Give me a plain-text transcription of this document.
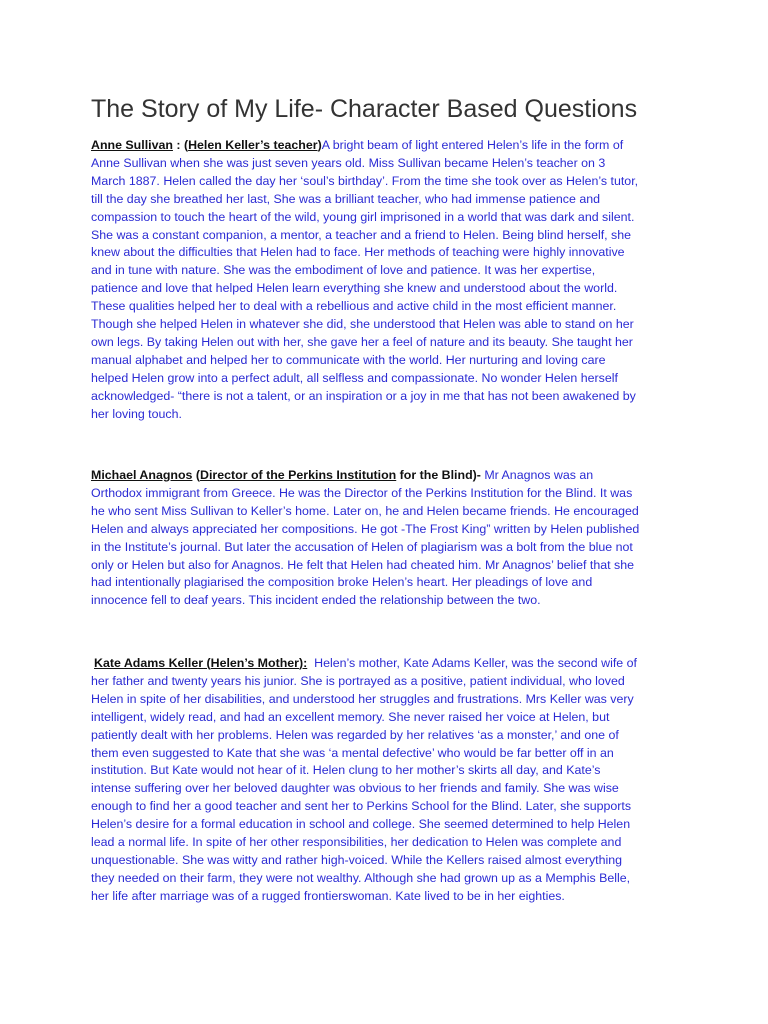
The Story of My Life- Character Based Questions
Anne Sullivan : (Helen Keller’s teacher)A bright beam of light entered Helen’s life in the form of
Anne Sullivan when she was just seven years old. Miss Sullivan became Helen’s teacher on 3
March 1887. Helen called the day her ‘soul’s birthday’. From the time she took over as Helen’s tutor,
till the day she breathed her last, She was a brilliant teacher, who had immense patience and
compassion to touch the heart of the wild, young girl imprisoned in a world that was dark and silent.
She was a constant companion, a mentor, a teacher and a friend to Helen. Being blind herself, she
knew about the difficulties that Helen had to face. Her methods of teaching were highly innovative
and in tune with nature. She was the embodiment of love and patience. It was her expertise,
patience and love that helped Helen learn everything she knew and understood about the world.
These qualities helped her to deal with a rebellious and active child in the most efficient manner.
Though she helped Helen in whatever she did, she understood that Helen was able to stand on her
own legs. By taking Helen out with her, she gave her a feel of nature and its beauty. She taught her
manual alphabet and helped her to communicate with the world. Her nurturing and loving care
helped Helen grow into a perfect adult, all selfless and compassionate. No wonder Helen herself
acknowledged- “there is not a talent, or an inspiration or a joy in me that has not been awakened by
her loving touch.
Michael Anagnos (Director of the Perkins Institution for the Blind)- Mr Anagnos was an
Orthodox immigrant from Greece. He was the Director of the Perkins Institution for the Blind. It was
he who sent Miss Sullivan to Keller’s home. Later on, he and Helen became friends. He encouraged
Helen and always appreciated her compositions. He got -The Frost King” written by Helen published
in the Institute’s journal. But later the accusation of Helen of plagiarism was a bolt from the blue not
only or Helen but also for Anagnos. He felt that Helen had cheated him. Mr Anagnos’ belief that she
had intentionally plagiarised the composition broke Helen’s heart. Her pleadings of love and
innocence fell to deaf years. This incident ended the relationship between the two.
Kate Adams Keller (Helen’s Mother):  Helen’s mother, Kate Adams Keller, was the second wife of
her father and twenty years his junior. She is portrayed as a positive, patient individual, who loved
Helen in spite of her disabilities, and understood her struggles and frustrations. Mrs Keller was very
intelligent, widely read, and had an excellent memory. She never raised her voice at Helen, but
patiently dealt with her problems. Helen was regarded by her relatives ‘as a monster,’ and one of
them even suggested to Kate that she was ‘a mental defective’ who would be far better off in an
institution. But Kate would not hear of it. Helen clung to her mother’s skirts all day, and Kate’s
intense suffering over her beloved daughter was obvious to her friends and family. She was wise
enough to find her a good teacher and sent her to Perkins School for the Blind. Later, she supports
Helen’s desire for a formal education in school and college. She seemed determined to help Helen
lead a normal life. In spite of her other responsibilities, her dedication to Helen was complete and
unquestionable. She was witty and rather high-voiced. While the Kellers raised almost everything
they needed on their farm, they were not wealthy. Although she had grown up as a Memphis Belle,
her life after marriage was of a rugged frontierswoman. Kate lived to be in her eighties.
